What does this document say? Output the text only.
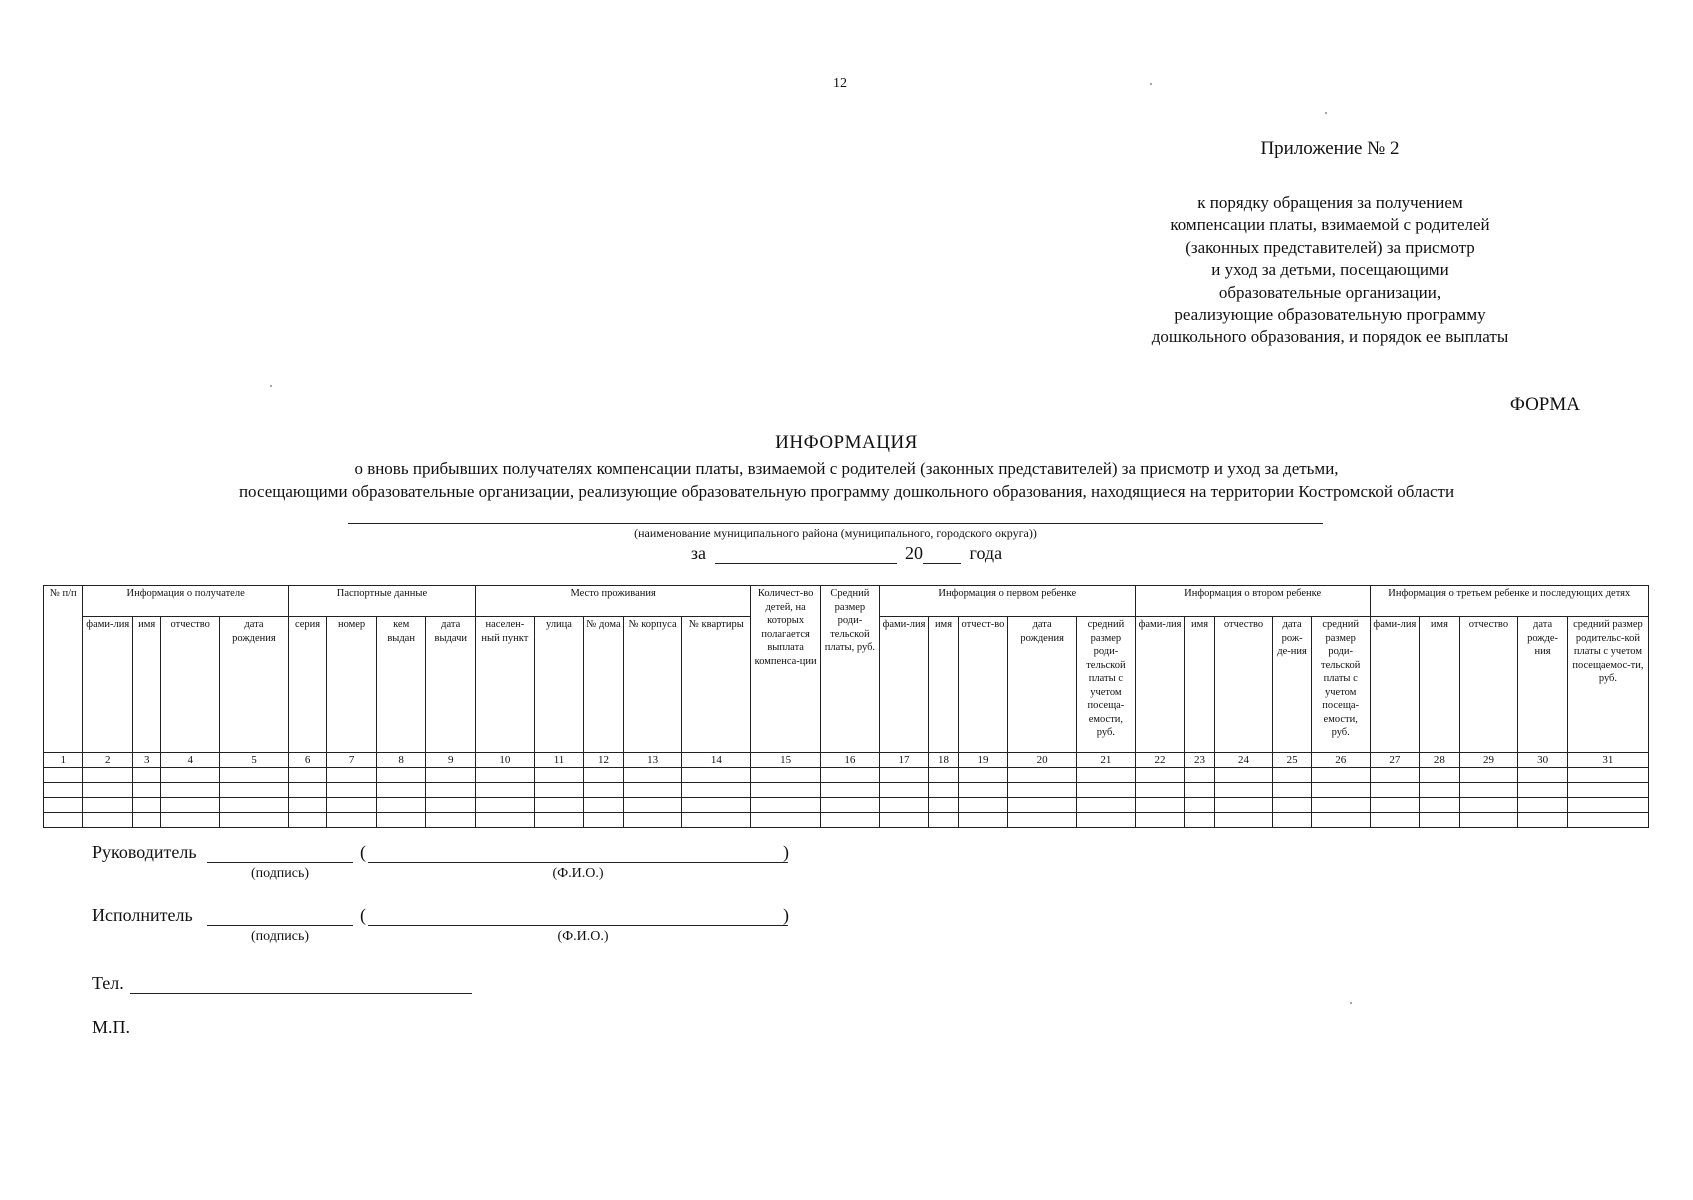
12
Приложение № 2
к порядку обращения за получением
компенсации платы, взимаемой с родителей
(законных представителей) за присмотр
и уход за детьми, посещающими
образовательные организации,
реализующие образовательную программу
дошкольного образования, и порядок ее выплаты
ФОРМА
ИНФОРМАЦИЯ
о вновь прибывших получателях компенсации платы, взимаемой с родителей (законных представителей) за присмотр и уход за детьми,
посещающими образовательные организации, реализующие образовательную программу дошкольного образования, находящиеся на территории Костромской области
(наименование муниципального района (муниципального, городского округа))
за	20	года
№ п/п	Информация о получателе				Паспортные данные				Место проживания					Количест-во детей, на которых полагается выплата компенса-ции	Средний размер роди-тельской платы, руб.	Информация о первом ребенке					Информация о втором ребенке					Информация о третьем ребенке и последующих детях				
	фами-лия	имя	отчество	дата рождения	серия	номер	кем выдан	дата выдачи	населен-ный пункт	улица	№ дома	№ корпуса	№ квартиры			фами-лия	имя	отчест-во	дата рождения	средний размер роди-тельской платы с учетом посеща-емости, руб.	фами-лия	имя	отчество	дата рож-де-ния	средний размер роди-тельской платы с учетом посеща-емости, руб.	фами-лия	имя	отчество	дата рожде-ния	средний размер родительс-кой платы с учетом посещаемос-ти, руб.
1	2	3	4	5	6	7	8	9	10	11	12	13	14	15	16	17	18	19	20	21	22	23	24	25	26	27	28	29	30	31

Руководитель
(подпись)
(	)
(Ф.И.О.)
Исполнитель
(подпись)
(	)
(Ф.И.О.)
Тел.
М.П.
